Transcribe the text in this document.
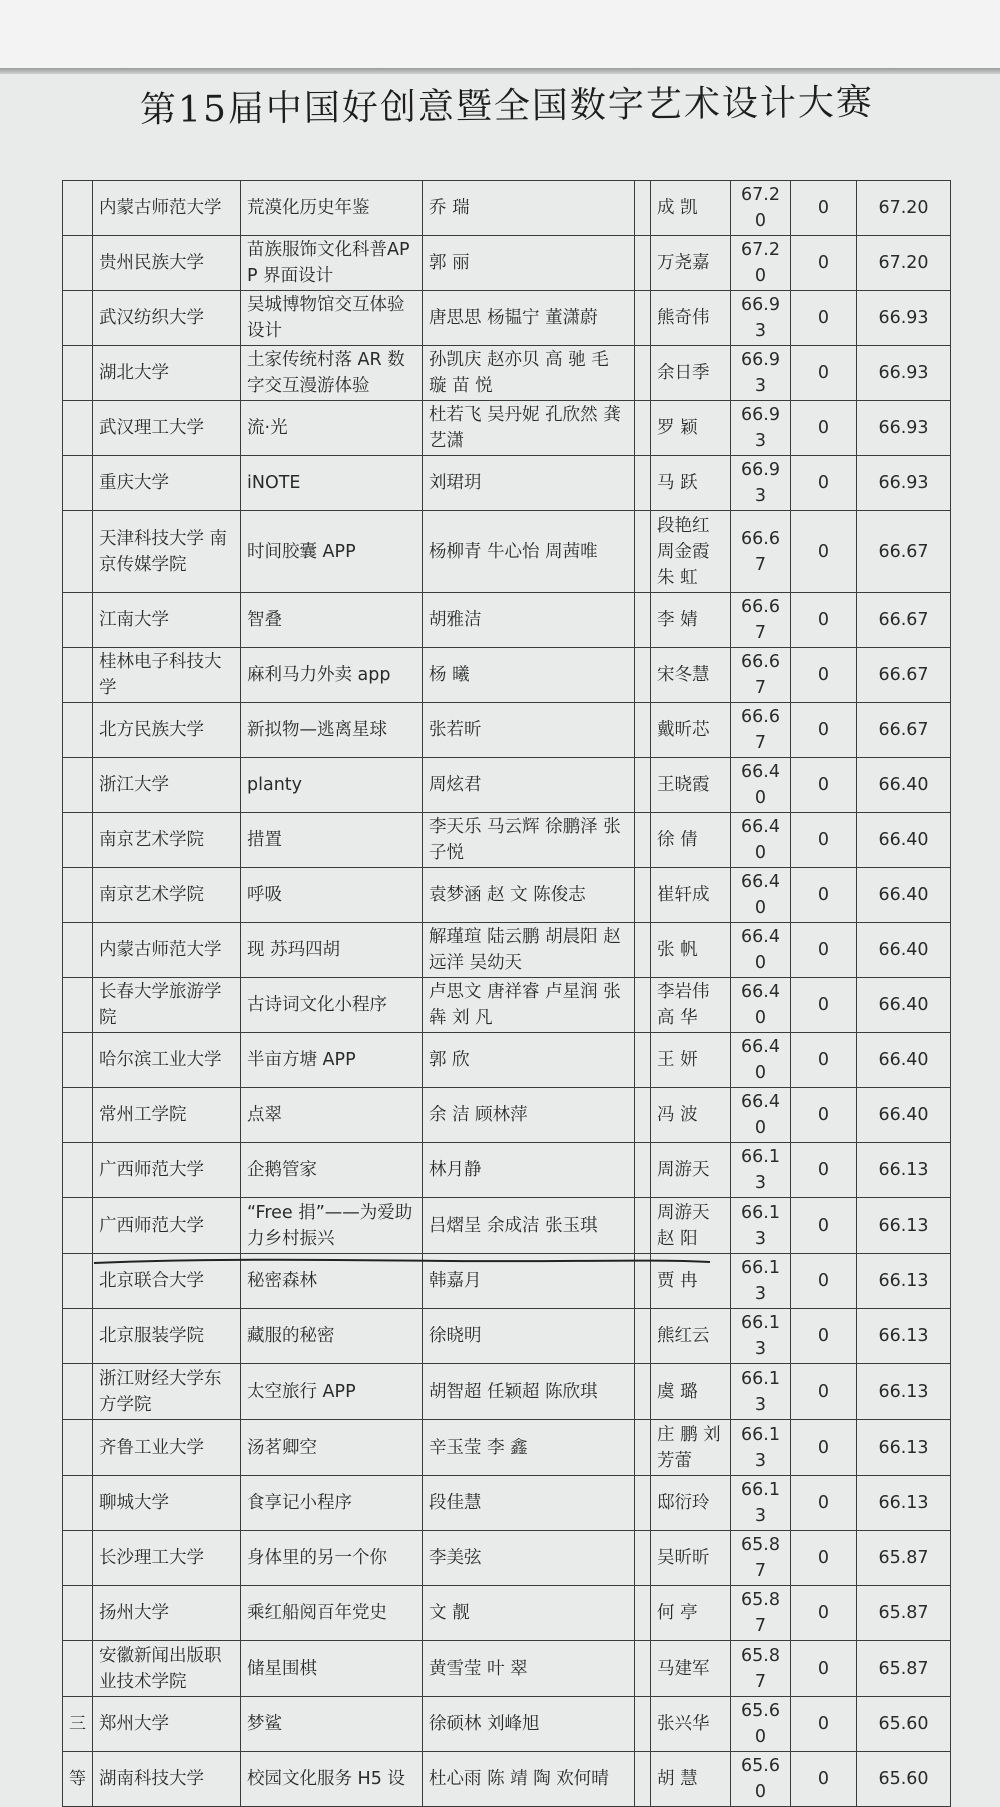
第15届中国好创意暨全国数字艺术设计大赛
	内蒙古师范大学	荒漠化历史年鉴	乔 瑞		成 凯	67.20	0	67.20
	贵州民族大学	苗族服饰文化科普APP 界面设计	郭 丽		万尧嘉	67.20	0	67.20
	武汉纺织大学	吴城博物馆交互体验设计	唐思思 杨韫宁 董潇蔚		熊奇伟	66.93	0	66.93
	湖北大学	土家传统村落 AR 数字交互漫游体验	孙凯庆 赵亦贝 高 驰 毛 璇 苗 悦		余日季	66.93	0	66.93
	武汉理工大学	流·光	杜若飞 吴丹妮 孔欣然 龚艺潇		罗 颖	66.93	0	66.93
	重庆大学	iNOTE	刘珺玥		马 跃	66.93	0	66.93
	天津科技大学 南京传媒学院	时间胶囊 APP	杨柳青 牛心怡 周茜唯		段艳红 周金霞 朱 虹	66.67	0	66.67
	江南大学	智叠	胡雅洁		李 婧	66.67	0	66.67
	桂林电子科技大学	麻利马力外卖 app	杨 曦		宋冬慧	66.67	0	66.67
	北方民族大学	新拟物—逃离星球	张若昕		戴昕芯	66.67	0	66.67
	浙江大学	planty	周炫君		王晓霞	66.40	0	66.40
	南京艺术学院	措置	李天乐 马云辉 徐鹏泽 张子悦		徐 倩	66.40	0	66.40
	南京艺术学院	呼吸	袁梦涵 赵 文 陈俊志		崔轩成	66.40	0	66.40
	内蒙古师范大学	现 苏玛四胡	解瑾瑄 陆云鹏 胡晨阳 赵远洋 吴幼天		张 帆	66.40	0	66.40
	长春大学旅游学院	古诗词文化小程序	卢思文 唐祥睿 卢星润 张 犇 刘 凡		李岩伟 高 华	66.40	0	66.40
	哈尔滨工业大学	半亩方塘 APP	郭 欣		王 妍	66.40	0	66.40
	常州工学院	点翠	余 洁 顾林萍		冯 波	66.40	0	66.40
	广西师范大学	企鹅管家	林月静		周游天	66.13	0	66.13
	广西师范大学	“Free 捐”——为爱助力乡村振兴	吕熠呈 余成洁 张玉琪		周游天 赵 阳	66.13	0	66.13
	北京联合大学	秘密森林	韩嘉月		贾 冉	66.13	0	66.13
	北京服装学院	藏服的秘密	徐晓明		熊红云	66.13	0	66.13
	浙江财经大学东方学院	太空旅行 APP	胡智超 任颖超 陈欣琪		虞 璐	66.13	0	66.13
	齐鲁工业大学	汤茗卿空	辛玉莹 李 鑫		庄 鹏 刘芳蕾	66.13	0	66.13
	聊城大学	食享记小程序	段佳慧		邸衍玲	66.13	0	66.13
	长沙理工大学	身体里的另一个你	李美弦		吴昕昕	65.87	0	65.87
	扬州大学	乘红船阅百年党史	文 靓		何 亭	65.87	0	65.87
	安徽新闻出版职业技术学院	储星围棋	黄雪莹 叶 翠		马建军	65.87	0	65.87
三	郑州大学	梦鲨	徐硕林 刘峰旭		张兴华	65.60	0	65.60
等	湖南科技大学	校园文化服务 H5 设	杜心雨 陈 靖 陶 欢何晴		胡 慧	65.60	0	65.60
